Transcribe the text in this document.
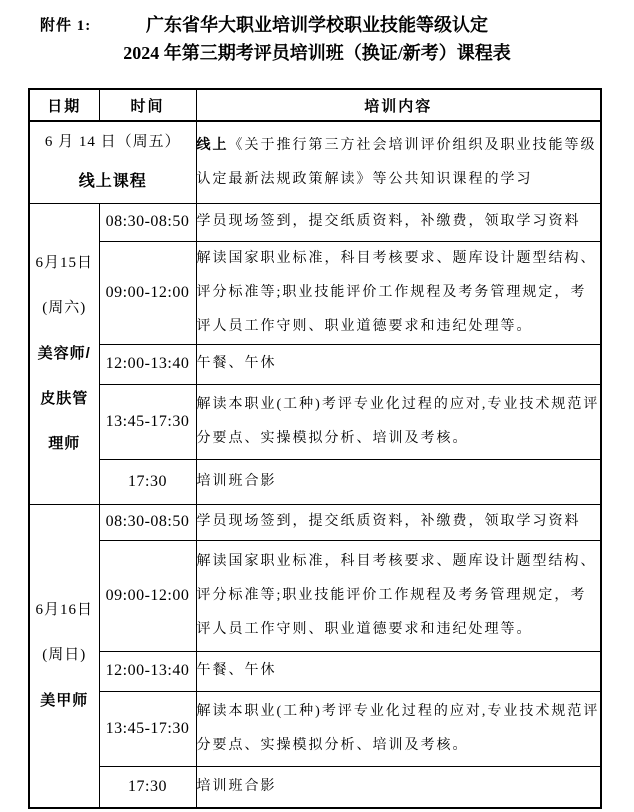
附件 1:	广东省华大职业培训学校职业技能等级认定
2024 年第三期考评员培训班（换证/新考）课程表
日期	时间	培训内容

6 月 14 日（周五）
线上课程		线上《关于推行第三方社会培训评价组织及职业技能等级认定最新法规政策解读》等公共知识课程的学习

6月15日
(周六)
美容师/
皮肤管
理师	08:30-08:50	学员现场签到，提交纸质资料，补缴费，领取学习资料
	09:00-12:00	解读国家职业标准，科目考核要求、题库设计题型结构、评分标准等;职业技能评价工作规程及考务管理规定，考评人员工作守则、职业道德要求和违纪处理等。
	12:00-13:40	午餐、午休
	13:45-17:30	解读本职业(工种)考评专业化过程的应对,专业技术规范评分要点、实操模拟分析、培训及考核。
	17:30	培训班合影

6月16日
(周日)
美甲师	08:30-08:50	学员现场签到，提交纸质资料，补缴费，领取学习资料
	09:00-12:00	解读国家职业标准，科目考核要求、题库设计题型结构、评分标准等;职业技能评价工作规程及考务管理规定，考评人员工作守则、职业道德要求和违纪处理等。
	12:00-13:40	午餐、午休
	13:45-17:30	解读本职业(工种)考评专业化过程的应对,专业技术规范评分要点、实操模拟分析、培训及考核。
	17:30	培训班合影
